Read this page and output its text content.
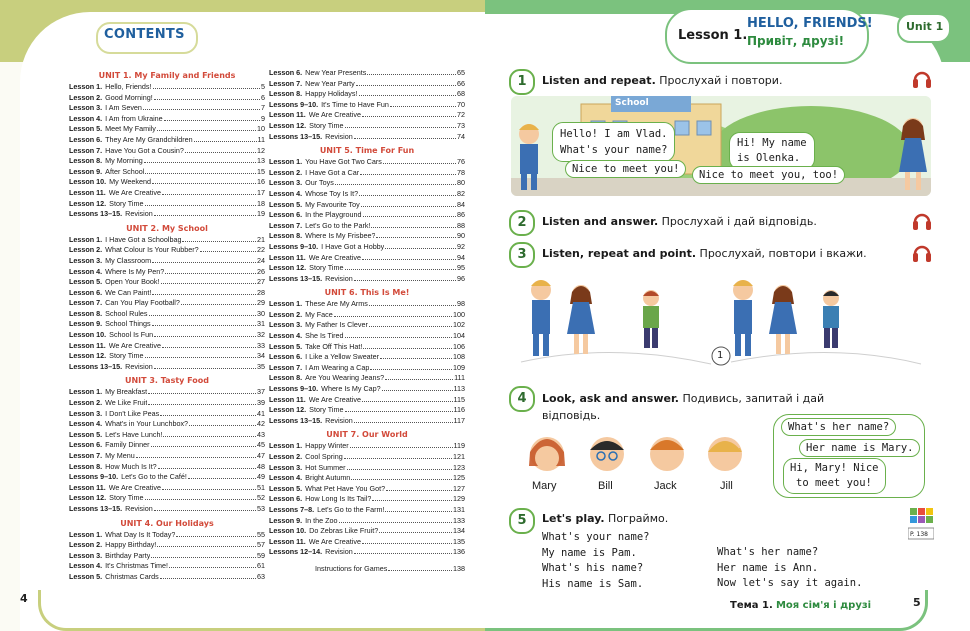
CONTENTS
UNIT 1. My Family and Friends
Lesson 1. Hello, Friends!	5
Lesson 2. Good Morning!	6
Lesson 3. I Am Seven	7
Lesson 4. I Am from Ukraine	9
Lesson 5. Meet My Family	10
Lesson 6. They Are My Grandchildren	11
Lesson 7. Have You Got a Cousin?	12
Lesson 8. My Morning	13
Lesson 9. After School	15
Lesson 10. My Weekend	16
Lesson 11. We Are Creative	17
Lesson 12. Story Time	18
Lessons 13–15. Revision	19
UNIT 2. My School
Lesson 1. I Have Got a Schoolbag	21
Lesson 2. What Colour Is Your Rubber?	22
Lesson 3. My Classroom	24
Lesson 4. Where Is My Pen?	26
Lesson 5. Open Your Book!	27
Lesson 6. We Can Paint!	28
Lesson 7. Can You Play Football?	29
Lesson 8. School Rules	30
Lesson 9. School Things	31
Lesson 10. School Is Fun	32
Lesson 11. We Are Creative	33
Lesson 12. Story Time	34
Lessons 13–15. Revision	35
UNIT 3. Tasty Food
Lesson 1. My Breakfast	37
Lesson 2. We Like Fruit	39
Lesson 3. I Don't Like Peas	41
Lesson 4. What's in Your Lunchbox?	42
Lesson 5. Let's Have Lunch!	43
Lesson 6. Family Dinner	45
Lesson 7. My Menu	47
Lesson 8. How Much Is It?	48
Lessons 9–10. Let's Go to the Café!	49
Lesson 11. We Are Creative	51
Lesson 12. Story Time	52
Lessons 13–15. Revision	53
UNIT 4. Our Holidays
Lesson 1. What Day Is It Today?	55
Lesson 2. Happy Birthday!	57
Lesson 3. Birthday Party	59
Lesson 4. It's Christmas Time!	61
Lesson 5. Christmas Cards	63
Lesson 6. New Year Presents	65
Lesson 7. New Year Party	66
Lesson 8. Happy Holidays!	68
Lessons 9–10. It's Time to Have Fun	70
Lesson 11. We Are Creative	72
Lesson 12. Story Time	73
Lessons 13–15. Revision	74
UNIT 5. Time For Fun
Lesson 1. You Have Got Two Cars	76
Lesson 2. I Have Got a Car	78
Lesson 3. Our Toys	80
Lesson 4. Whose Toy Is It?	82
Lesson 5. My Favourite Toy	84
Lesson 6. In the Playground	86
Lesson 7. Let's Go to the Park!	88
Lesson 8. Where Is My Frisbee?	90
Lessons 9–10. I Have Got a Hobby	92
Lesson 11. We Are Creative	94
Lesson 12. Story Time	95
Lessons 13–15. Revision	96
UNIT 6. This Is Me!
Lesson 1. These Are My Arms	98
Lesson 2. My Face	100
Lesson 3. My Father Is Clever	102
Lesson 4. She Is Tired	104
Lesson 5. Take Off This Hat!	106
Lesson 6. I Like a Yellow Sweater	108
Lesson 7. I Am Wearing a Cap	109
Lesson 8. Are You Wearing Jeans?	111
Lessons 9–10. Where Is My Cap?	113
Lesson 11. We Are Creative	115
Lesson 12. Story Time	116
Lessons 13–15. Revision	117
UNIT 7. Our World
Lesson 1. Happy Winter	119
Lesson 2. Cool Spring	121
Lesson 3. Hot Summer	123
Lesson 4. Bright Autumn	125
Lesson 5. What Pet Have You Got?	127
Lesson 6. How Long Is Its Tail?	129
Lessons 7–8. Let's Go to the Farm!	131
Lesson 9. In the Zoo	133
Lesson 10. Do Zebras Like Fruit?	134
Lesson 11. We Are Creative	135
Lessons 12–14. Revision	136
Instructions for Games	138
4
Lesson 1.
HELLO, FRIENDS!
Привіт, друзі!
Unit 1
1	Listen and repeat. Прослухай і повтори.
School
Hello! I am Vlad.
What's your name?
Nice to meet you!
Hi! My name
is Olenka.
Nice to meet you, too!
2	Listen and answer. Прослухай і дай відповідь.
3	Listen, repeat and point. Прослухай, повтори і вкажи.
1
4	Look, ask and answer. Подивись, запитай і дай відповідь.
Mary	Bill	Jack	Jill
What's her name?
Her name is Mary.
Hi, Mary! Nice
to meet you!
5	Let's play. Пограймо.
What's your name?
My name is Pam.
What's his name?
His name is Sam.
What's her name?
Her name is Ann.
Now let's say it again.
P. 138
Тема 1. Моя сім'я і друзі	5
